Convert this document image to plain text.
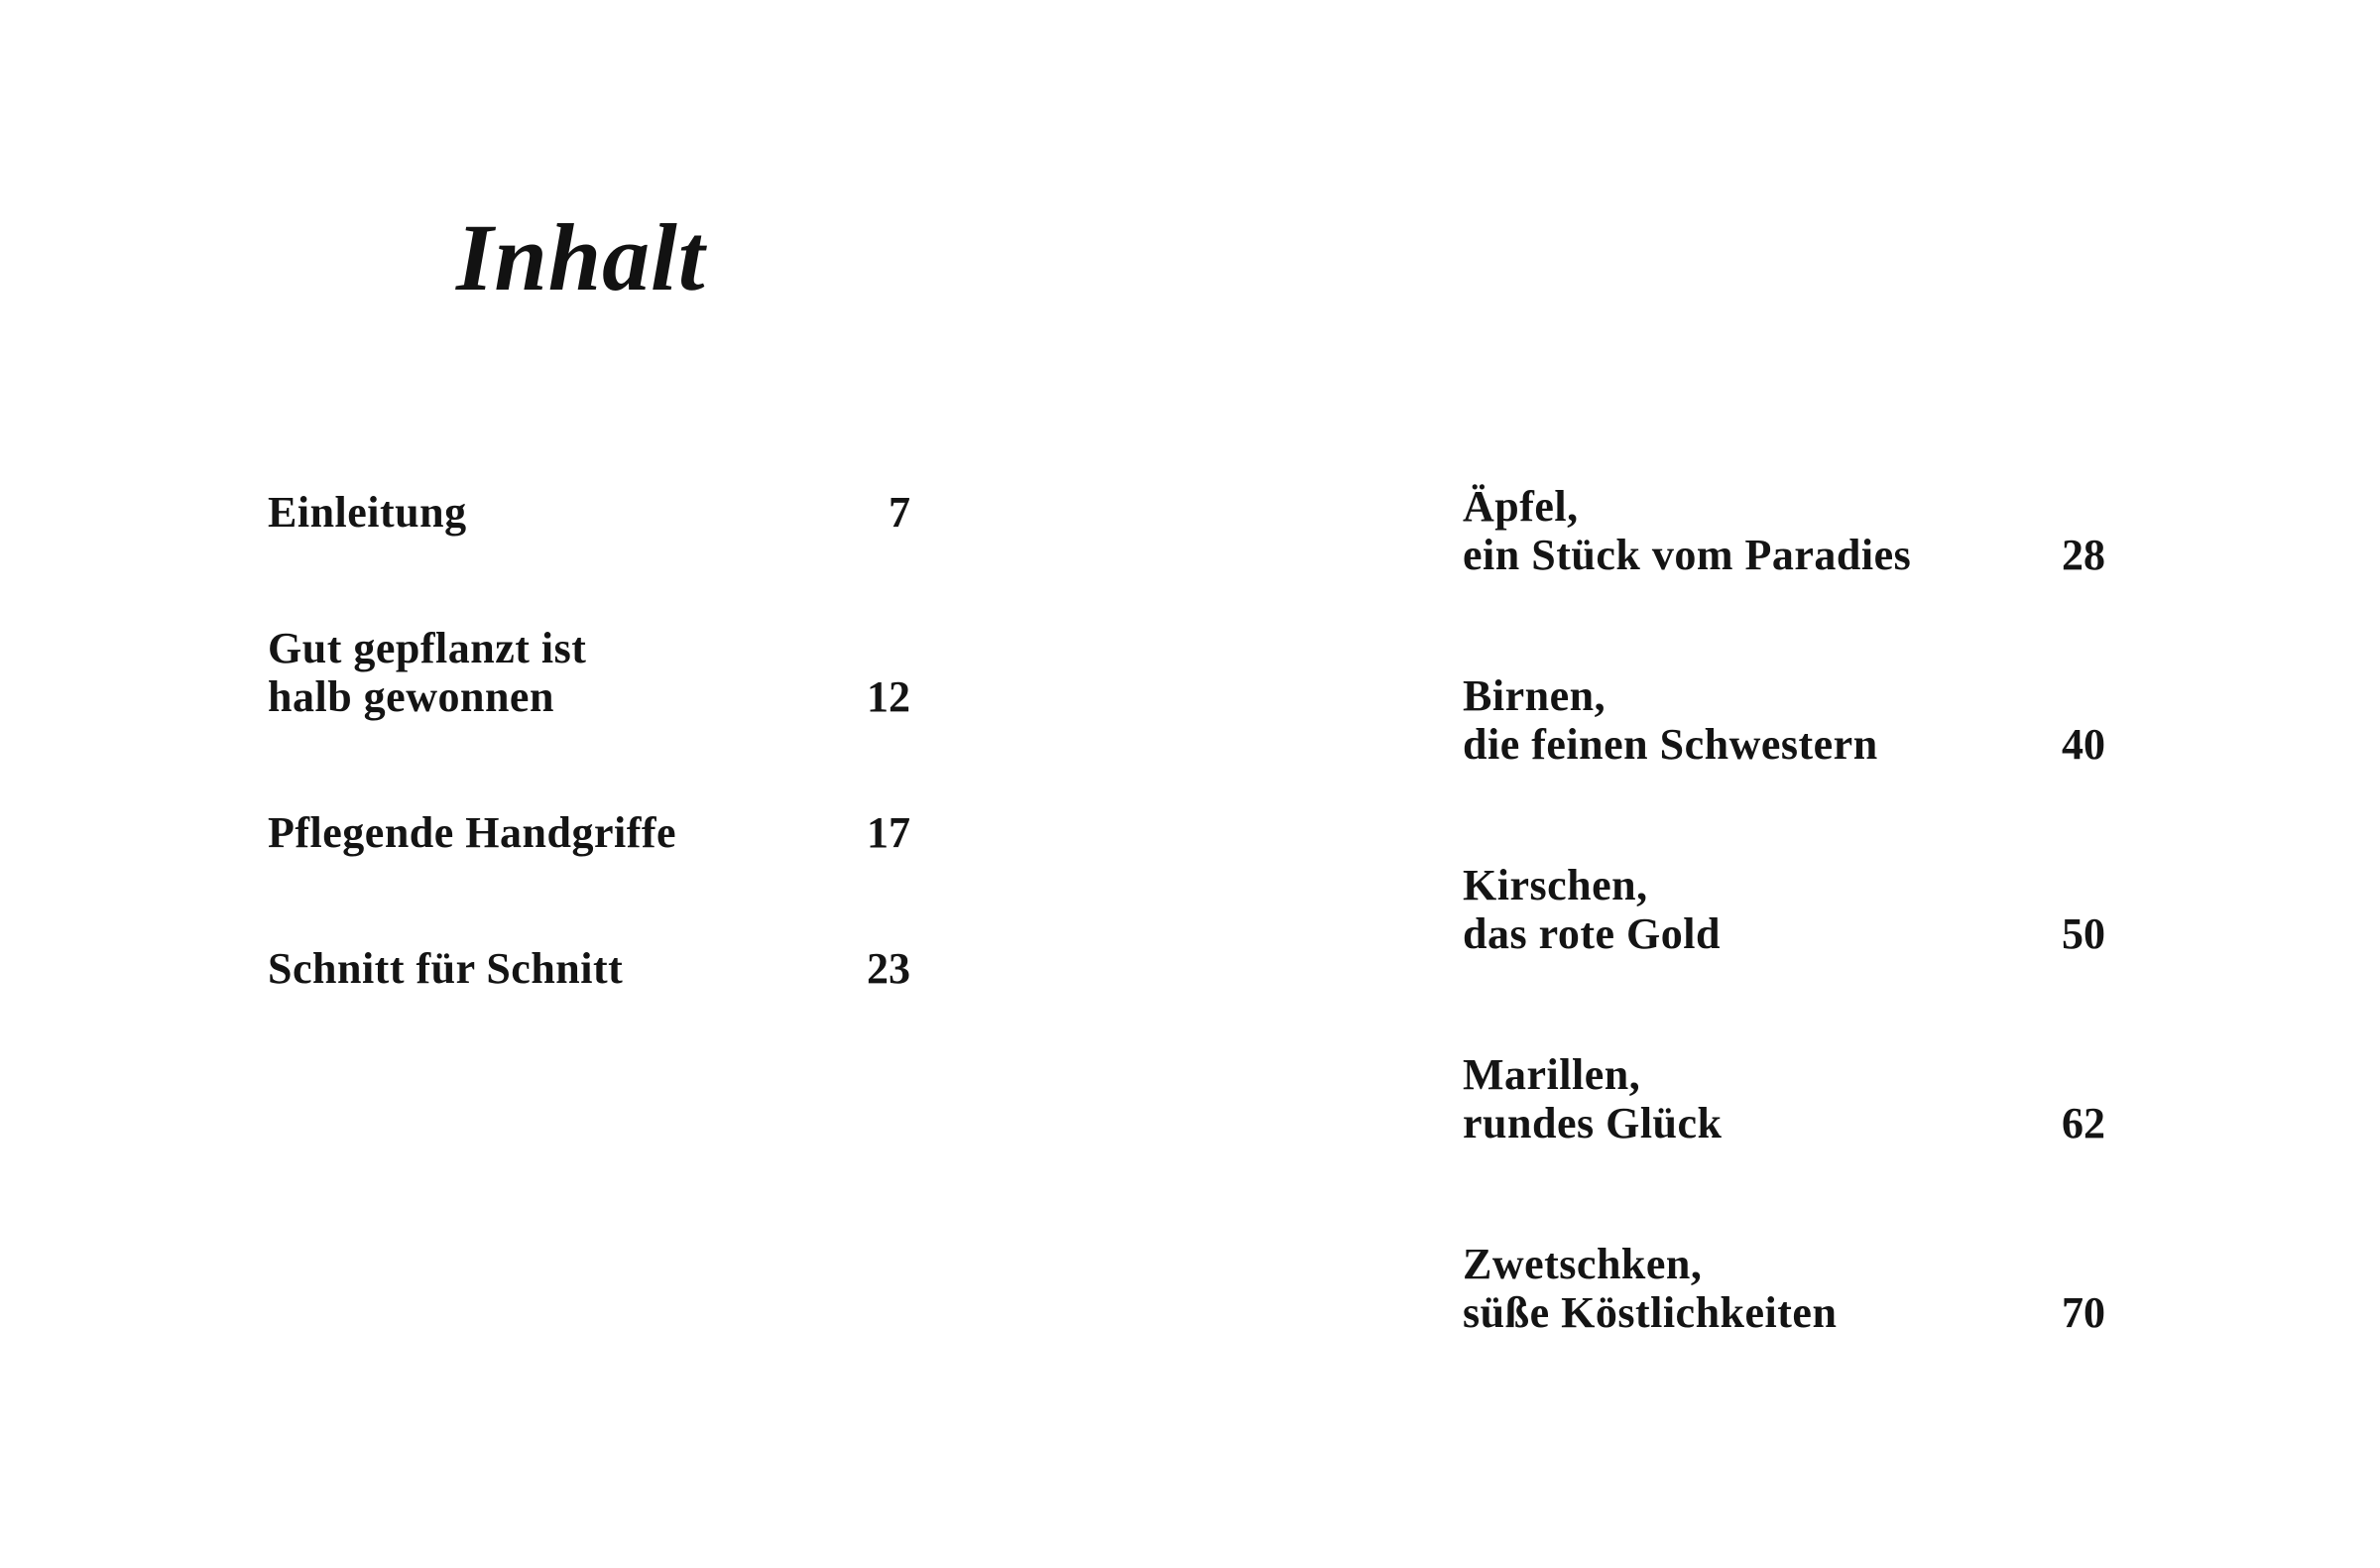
Inhalt
Einleitung	7
Gut gepflanzt ist
halb gewonnen	12
Pflegende Handgriffe	17
Schnitt für Schnitt	23
Äpfel,
ein Stück vom Paradies	28
Birnen,
die feinen Schwestern	40
Kirschen,
das rote Gold	50
Marillen,
rundes Glück	62
Zwetschken,
süße Köstlichkeiten	70
